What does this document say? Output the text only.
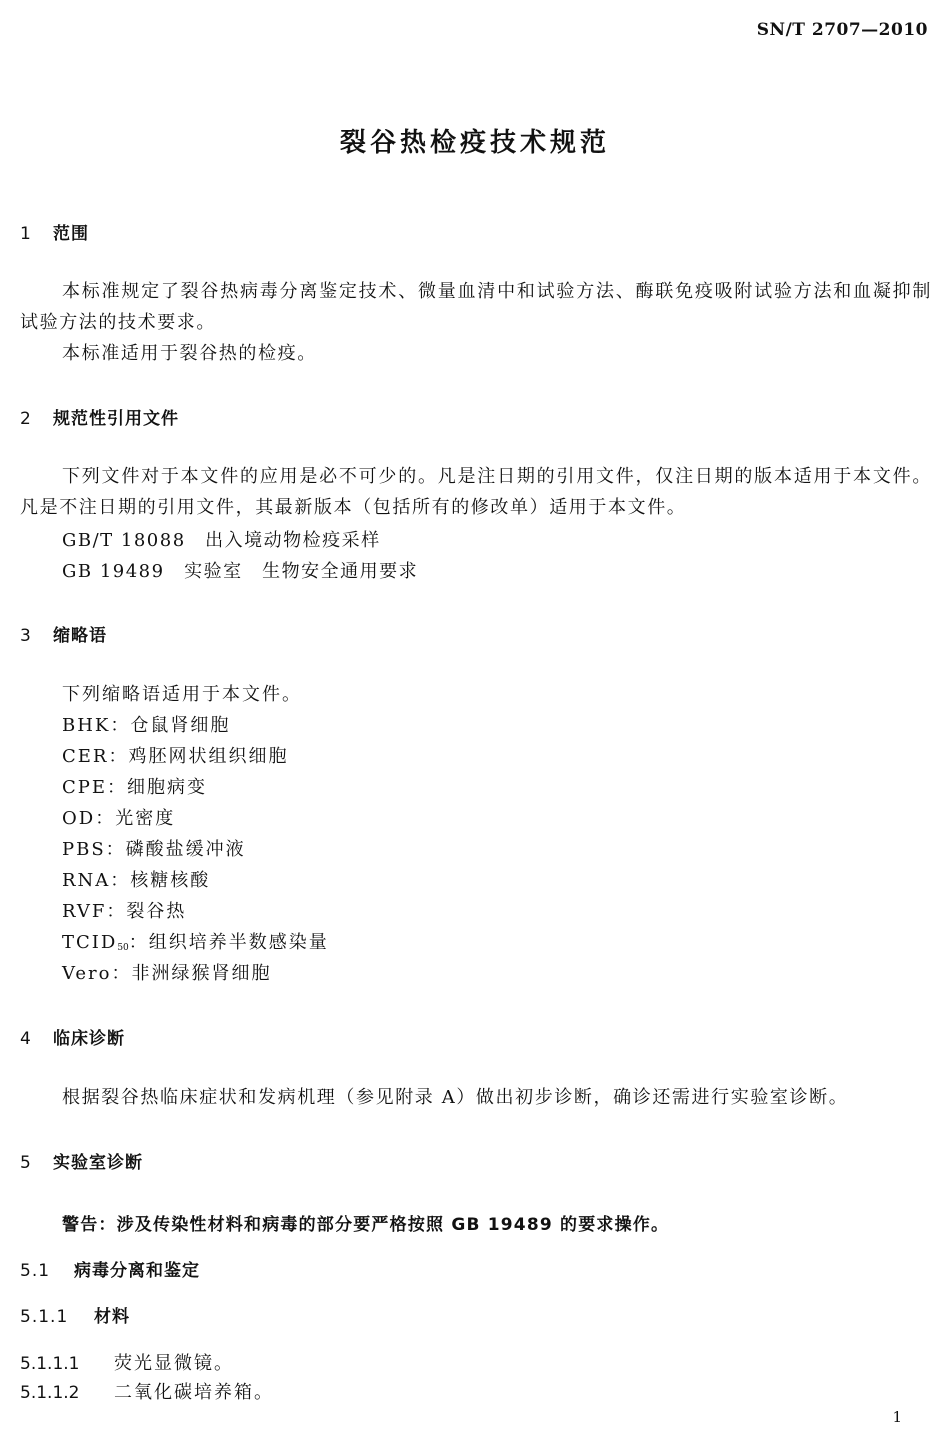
SN/T 2707—2010
裂谷热检疫技术规范
1 范围
本标准规定了裂谷热病毒分离鉴定技术、微量血清中和试验方法、酶联免疫吸附试验方法和血凝抑制试验方法的技术要求。
本标准适用于裂谷热的检疫。
2 规范性引用文件
下列文件对于本文件的应用是必不可少的。凡是注日期的引用文件，仅注日期的版本适用于本文件。凡是不注日期的引用文件，其最新版本（包括所有的修改单）适用于本文件。
GB/T 18088　出入境动物检疫采样
GB 19489　实验室　生物安全通用要求
3 缩略语
下列缩略语适用于本文件。
BHK：仓鼠肾细胞
CER：鸡胚网状组织细胞
CPE：细胞病变
OD：光密度
PBS：磷酸盐缓冲液
RNA：核糖核酸
RVF：裂谷热
$TCID_{50}$：组织培养半数感染量
Vero：非洲绿猴肾细胞
4 临床诊断
根据裂谷热临床症状和发病机理（参见附录 A）做出初步诊断，确诊还需进行实验室诊断。
5 实验室诊断
警告：涉及传染性材料和病毒的部分要严格按照 GB 19489 的要求操作。
5.1 病毒分离和鉴定
5.1.1 材料
5.1.1.1 荧光显微镜。
5.1.1.2 二氧化碳培养箱。
1
